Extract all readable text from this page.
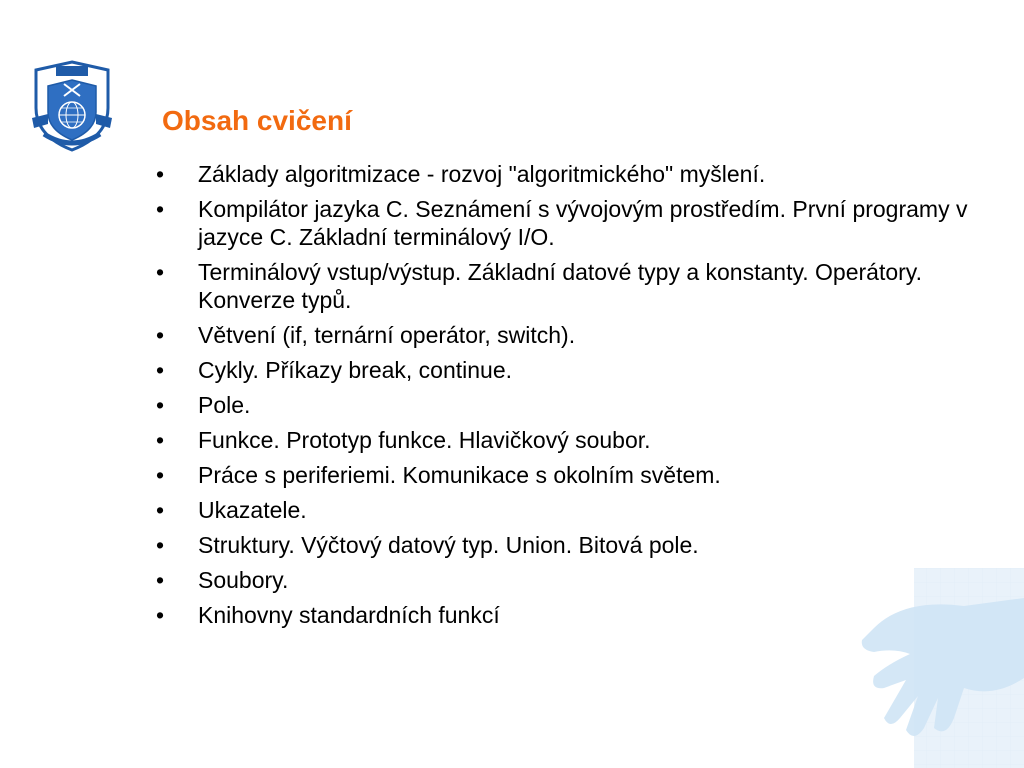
Obsah cvičení
• Základy algoritmizace - rozvoj "algoritmického" myšlení.
• Kompilátor jazyka C. Seznámení s vývojovým prostředím. První programy v jazyce C. Základní terminálový I/O.
• Terminálový vstup/výstup. Základní datové typy a konstanty. Operátory. Konverze typů.
• Větvení (if, ternární operátor, switch).
• Cykly. Příkazy break, continue.
• Pole.
• Funkce. Prototyp funkce. Hlavičkový soubor.
• Práce s periferiemi. Komunikace s okolním světem.
• Ukazatele.
• Struktury. Výčtový datový typ. Union. Bitová pole.
• Soubory.
• Knihovny standardních funkcí
